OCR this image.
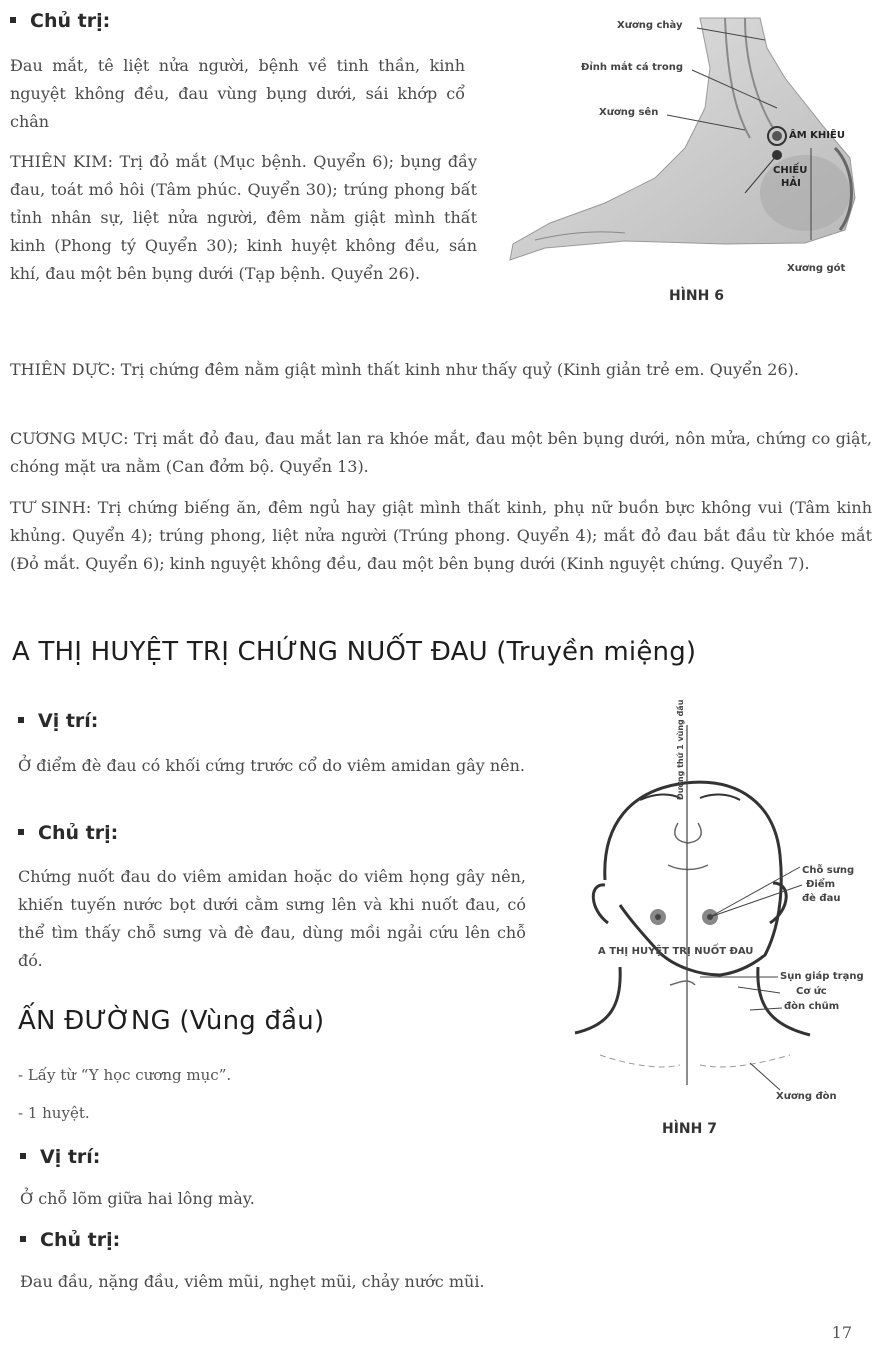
Chủ trị:
Đau mắt, tê liệt nửa người, bệnh về tinh thần, kinh nguyệt không đều, đau vùng bụng dưới, sái khớp cổ chân
THIÊN KIM: Trị đỏ mắt (Mục bệnh. Quyển 6); bụng đầy đau, toát mồ hôi (Tâm phúc. Quyển 30); trúng phong bất tỉnh nhân sự, liệt nửa người, đêm nằm giật mình thất kinh (Phong tý Quyển 30); kinh huyệt không đều, sán khí, đau một bên bụng dưới (Tạp bệnh. Quyển 26).
THIÊN DỰC: Trị chứng đêm nằm giật mình thất kinh như thấy quỷ (Kinh giản trẻ em. Quyển 26).
CƯƠNG MỤC: Trị mắt đỏ đau, đau mắt lan ra khóe mắt, đau một bên bụng dưới, nôn mửa, chứng co giật, chóng mặt ưa nằm (Can đởm bộ. Quyển 13).
TƯ SINH: Trị chứng biếng ăn, đêm ngủ hay giật mình thất kinh, phụ nữ buồn bực không vui (Tâm kinh khủng. Quyển 4); trúng phong, liệt nửa người (Trúng phong. Quyển 4); mắt đỏ đau bắt đầu từ khóe mắt (Đỏ mắt. Quyển 6); kinh nguyệt không đều, đau một bên bụng dưới (Kinh nguyệt chứng. Quyển 7).
Xương chày
Đỉnh mắt cá trong
Xương sên
ÂM KHIÊU
CHIẾU
HẢI
Xương gót
HÌNH 6
A THỊ HUYỆT TRỊ CHỨNG NUỐT ĐAU (Truyền miệng)
Vị trí:
Ở điểm đè đau có khối cứng trước cổ do viêm amidan gây nên.
Chủ trị:
Chứng nuốt đau do viêm amidan hoặc do viêm họng gây nên, khiến tuyến nước bọt dưới cằm sưng lên và khi nuốt đau, có thể tìm thấy chỗ sưng và đè đau, dùng mồi ngải cứu lên chỗ đó.
Đường thứ 1 vùng đầu
Chỗ sưng
Điểm
đè đau
A THỊ HUYỆT TRỊ NUỐT ĐAU
Sụn giáp trạng
Cơ ức
đòn chũm
Xương đòn
HÌNH 7
ẤN ĐƯỜNG (Vùng đầu)
- Lấy từ “Y học cương mục”.
- 1 huyệt.
Vị trí:
Ở chỗ lõm giữa hai lông mày.
Chủ trị:
Đau đầu, nặng đầu, viêm mũi, nghẹt mũi, chảy nước mũi.
17
